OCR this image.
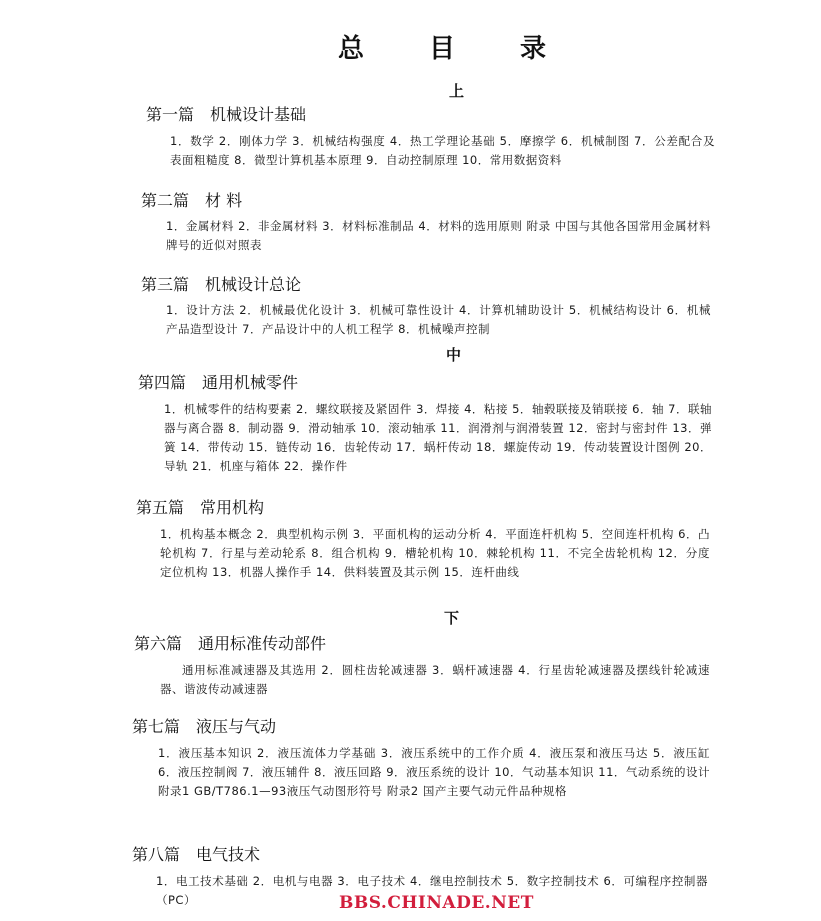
总 目 录
上
第一篇 机械设计基础
1．数学 2．刚体力学 3．机械结构强度 4．热工学理论基础 5．摩擦学 6．机械制图 7．公差配合及表面粗糙度 8．微型计算机基本原理 9．自动控制原理 10．常用数据资料
第二篇 材 料
1．金属材料 2．非金属材料 3．材料标准制品 4．材料的选用原则 附录 中国与其他各国常用金属材料牌号的近似对照表
第三篇 机械设计总论
1．设计方法 2．机械最优化设计 3．机械可靠性设计 4．计算机辅助设计 5．机械结构设计 6．机械产品造型设计 7．产品设计中的人机工程学 8．机械噪声控制
中
第四篇 通用机械零件
1．机械零件的结构要素 2．螺纹联接及紧固件 3．焊接 4．粘接 5．轴毂联接及销联接 6．轴 7．联轴器与离合器 8．制动器 9．滑动轴承 10．滚动轴承 11．润滑剂与润滑装置 12．密封与密封件 13．弹簧 14．带传动 15．链传动 16．齿轮传动 17．蜗杆传动 18．螺旋传动 19．传动装置设计图例 20．导轨 21．机座与箱体 22．操作件
第五篇 常用机构
1．机构基本概念 2．典型机构示例 3．平面机构的运动分析 4．平面连杆机构 5．空间连杆机构 6．凸轮机构 7．行星与差动轮系 8．组合机构 9．槽轮机构 10．棘轮机构 11．不完全齿轮机构 12．分度定位机构 13．机器人操作手 14．供料装置及其示例 15．连杆曲线
下
第六篇 通用标准传动部件
通用标准减速器及其选用 2．圆柱齿轮减速器 3．蜗杆减速器 4．行星齿轮减速器及摆线针轮减速器、谐波传动减速器
第七篇 液压与气动
1．液压基本知识 2．液压流体力学基础 3．液压系统中的工作介质 4．液压泵和液压马达 5．液压缸 6．液压控制阀 7．液压辅件 8．液压回路 9．液压系统的设计 10．气动基本知识 11．气动系统的设计 附录1 GB/T786.1—93液压气动图形符号 附录2 国产主要气动元件品种规格
第八篇 电气技术
1．电工技术基础 2．电机与电器 3．电子技术 4．继电控制技术 5．数字控制技术 6．可编程序控制器（PC）	BBS.CHINADE.NET
